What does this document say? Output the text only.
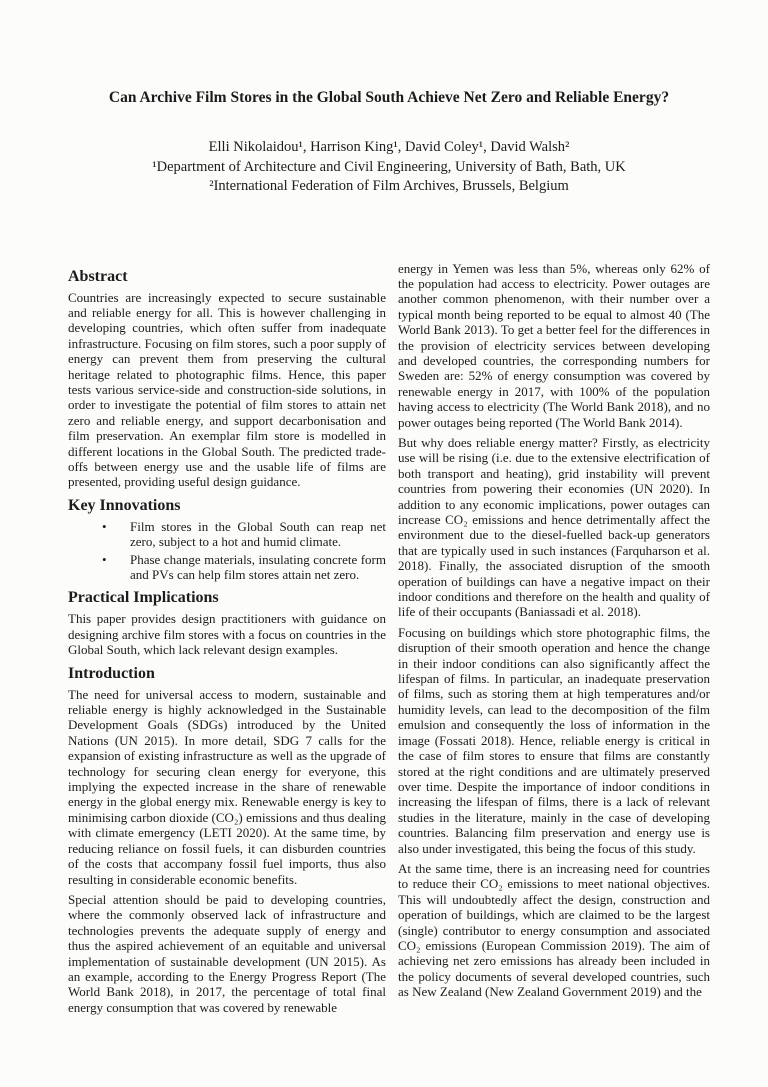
Can Archive Film Stores in the Global South Achieve Net Zero and Reliable Energy?
Elli Nikolaidou¹, Harrison King¹, David Coley¹, David Walsh²
¹Department of Architecture and Civil Engineering, University of Bath, Bath, UK
²International Federation of Film Archives, Brussels, Belgium
Abstract

Countries are increasingly expected to secure sustainable and reliable energy for all. This is however challenging in developing countries, which often suffer from inadequate infrastructure. Focusing on film stores, such a poor supply of energy can prevent them from preserving the cultural heritage related to photographic films. Hence, this paper tests various service-side and construction-side solutions, in order to investigate the potential of film stores to attain net zero and reliable energy, and support decarbonisation and film preservation. An exemplar film store is modelled in different locations in the Global South. The predicted trade-offs between energy use and the usable life of films are presented, providing useful design guidance.

Key Innovations
• Film stores in the Global South can reap net zero, subject to a hot and humid climate.
• Phase change materials, insulating concrete form and PVs can help film stores attain net zero.
Practical Implications

This paper provides design practitioners with guidance on designing archive film stores with a focus on countries in the Global South, which lack relevant design examples.

Introduction

The need for universal access to modern, sustainable and reliable energy is highly acknowledged in the Sustainable Development Goals (SDGs) introduced by the United Nations (UN 2015). In more detail, SDG 7 calls for the expansion of existing infrastructure as well as the upgrade of technology for securing clean energy for everyone, this implying the expected increase in the share of renewable energy in the global energy mix. Renewable energy is key to minimising carbon dioxide (CO₂) emissions and thus dealing with climate emergency (LETI 2020). At the same time, by reducing reliance on fossil fuels, it can disburden countries of the costs that accompany fossil fuel imports, thus also resulting in considerable economic benefits.

Special attention should be paid to developing countries, where the commonly observed lack of infrastructure and technologies prevents the adequate supply of energy and thus the aspired achievement of an equitable and universal implementation of sustainable development (UN 2015). As an example, according to the Energy Progress Report (The World Bank 2018), in 2017, the percentage of total final energy consumption that was covered by renewable

energy in Yemen was less than 5%, whereas only 62% of the population had access to electricity. Power outages are another common phenomenon, with their number over a typical month being reported to be equal to almost 40 (The World Bank 2013). To get a better feel for the differences in the provision of electricity services between developing and developed countries, the corresponding numbers for Sweden are: 52% of energy consumption was covered by renewable energy in 2017, with 100% of the population having access to electricity (The World Bank 2018), and no power outages being reported (The World Bank 2014).

But why does reliable energy matter? Firstly, as electricity use will be rising (i.e. due to the extensive electrification of both transport and heating), grid instability will prevent countries from powering their economies (UN 2020). In addition to any economic implications, power outages can increase CO₂ emissions and hence detrimentally affect the environment due to the diesel-fuelled back-up generators that are typically used in such instances (Farquharson et al. 2018). Finally, the associated disruption of the smooth operation of buildings can have a negative impact on their indoor conditions and therefore on the health and quality of life of their occupants (Baniassadi et al. 2018).

Focusing on buildings which store photographic films, the disruption of their smooth operation and hence the change in their indoor conditions can also significantly affect the lifespan of films. In particular, an inadequate preservation of films, such as storing them at high temperatures and/or humidity levels, can lead to the decomposition of the film emulsion and consequently the loss of information in the image (Fossati 2018). Hence, reliable energy is critical in the case of film stores to ensure that films are constantly stored at the right conditions and are ultimately preserved over time. Despite the importance of indoor conditions in increasing the lifespan of films, there is a lack of relevant studies in the literature, mainly in the case of developing countries. Balancing film preservation and energy use is also under investigated, this being the focus of this study.

At the same time, there is an increasing need for countries to reduce their CO₂ emissions to meet national objectives. This will undoubtedly affect the design, construction and operation of buildings, which are claimed to be the largest (single) contributor to energy consumption and associated CO₂ emissions (European Commission 2019). The aim of achieving net zero emissions has already been included in the policy documents of several developed countries, such as New Zealand (New Zealand Government 2019) and the
